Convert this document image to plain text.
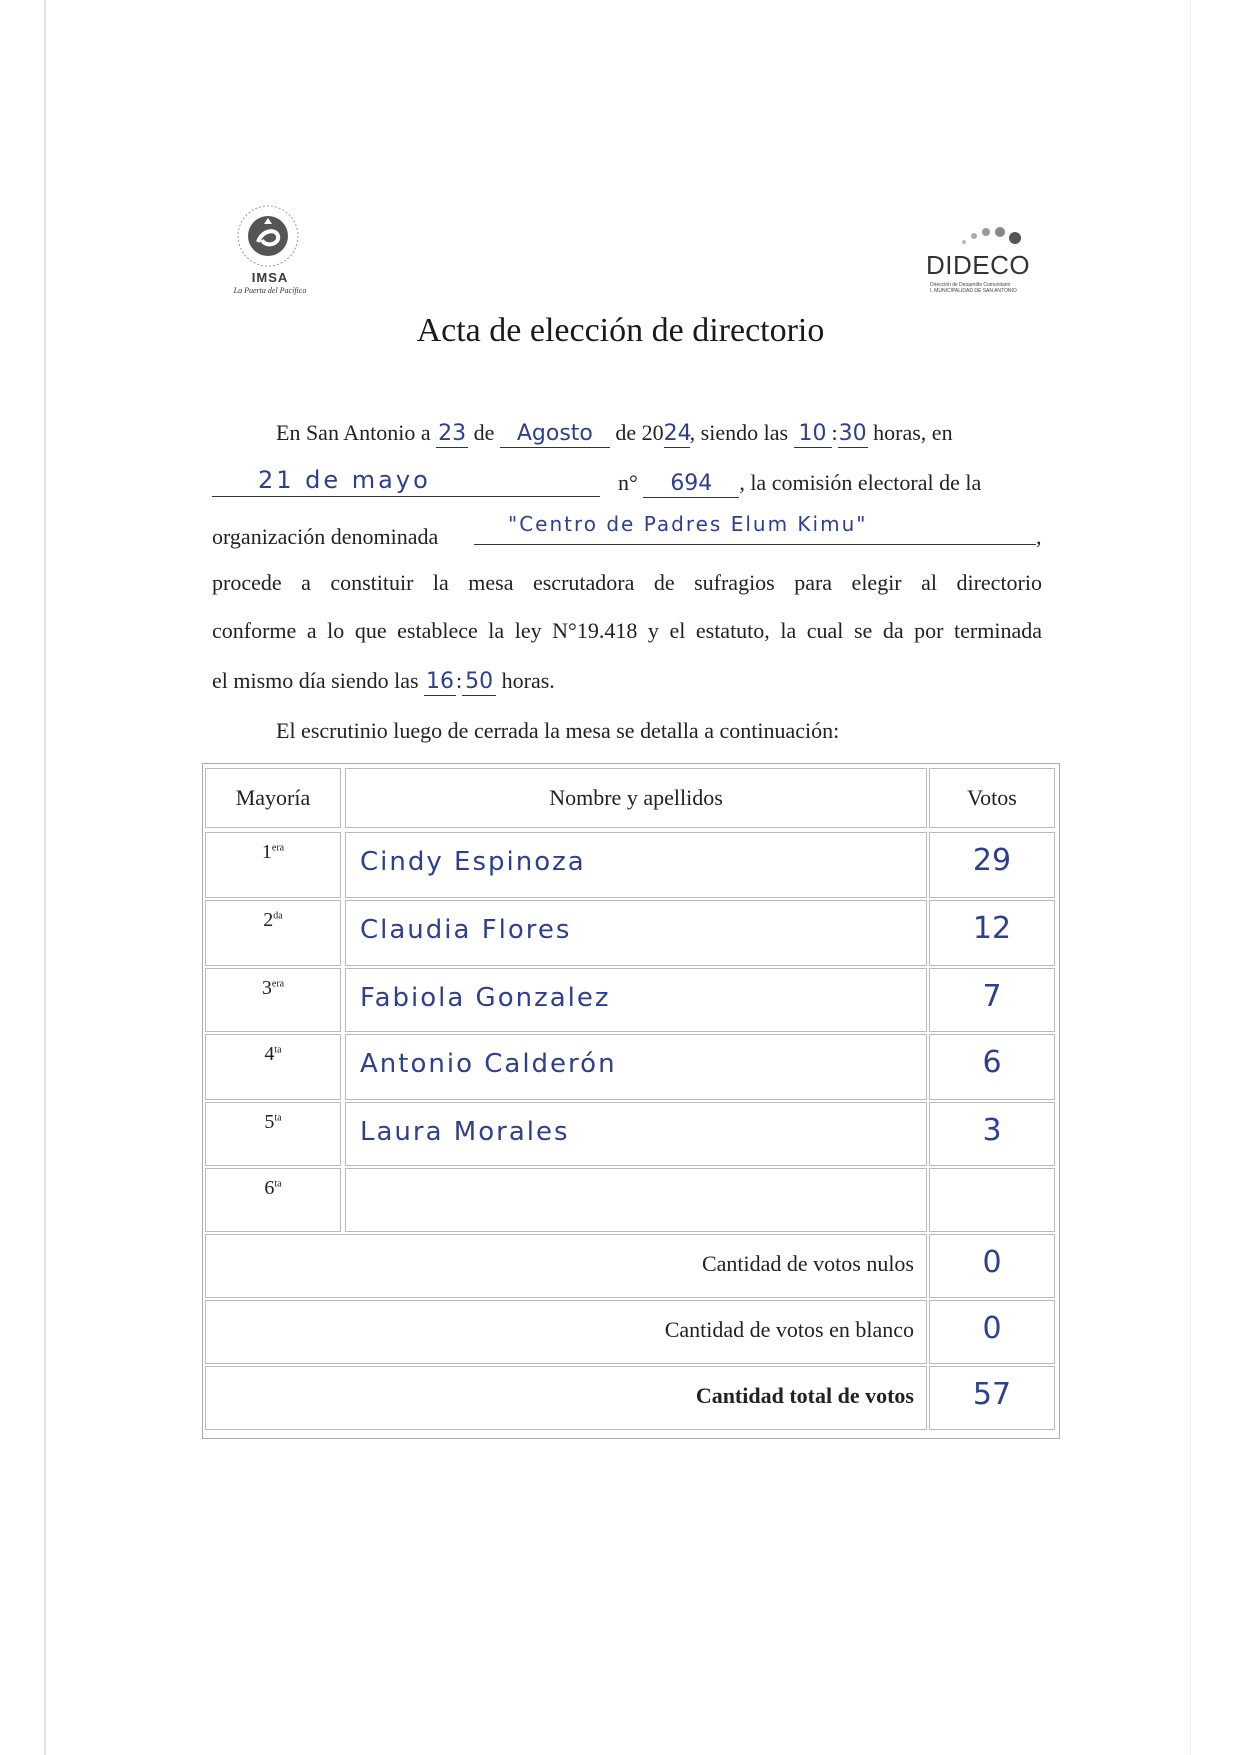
IMSA
La Puerta del Pacífico
DIDECO
Dirección de Desarrollo Comunitario
I. MUNICIPALIDAD DE SAN ANTONIO
Acta de elección de directorio
En San Antonio a 23 de Agosto de 2024, siendo las 10 :30 horas, en
21 de mayo	n° 694 , la comisión electoral de la
organización denominada	"Centro de Padres Elum Kimu"	,
procede a constituir la mesa escrutadora de sufragios para elegir al directorio
conforme a lo que establece la ley N°19.418 y el estatuto, la cual se da por terminada
el mismo día siendo las 16: 50 horas.
El escrutinio luego de cerrada la mesa se detalla a continuación:
Mayoría	Nombre y apellidos	Votos
$1^{era}$	Cindy Espinoza	29
$2^{da}$	Claudia Flores	12
$3^{era}$	Fabiola Gonzalez	7
$4^{ta}$	Antonio Calderón	6
$5^{ta}$	Laura Morales	3
$6^{ta}$
Cantidad de votos nulos	0
Cantidad de votos en blanco	0
Cantidad total de votos	57
